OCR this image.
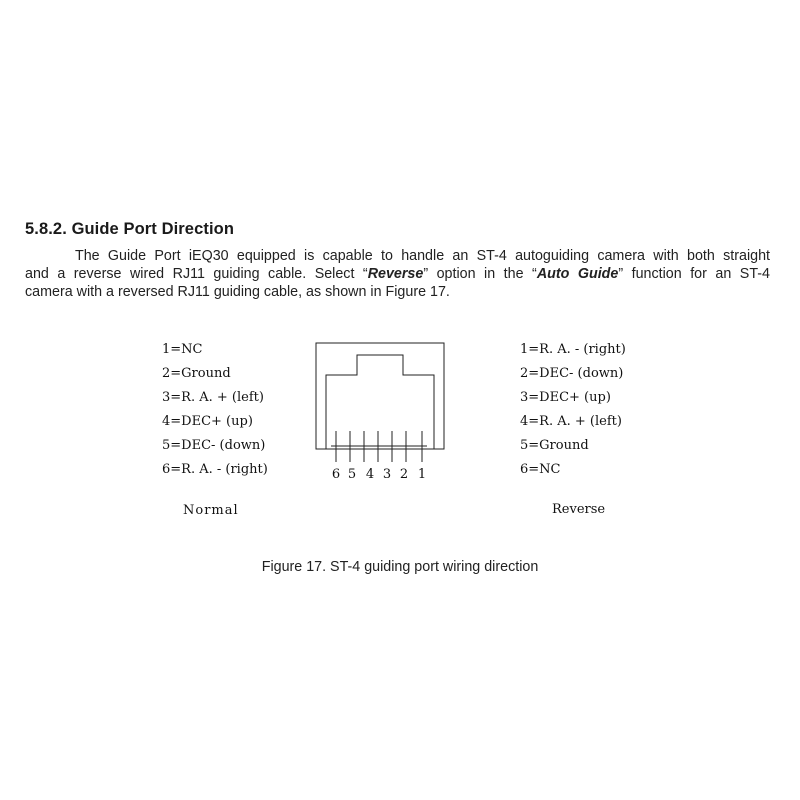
5.8.2. Guide Port Direction

The Guide Port iEQ30 equipped is capable to handle an ST-4 autoguiding camera with both straight
and a reverse wired RJ11 guiding cable. Select “Reverse” option in the “Auto Guide” function for an ST-4
camera with a reversed RJ11 guiding cable, as shown in Figure 17.

1=NC
2=Ground
3=R. A. + (left)
4=DEC+ (up)
5=DEC- (down)
6=R. A. - (right)
Normal
6 5 4 3 2 1
1=R. A. - (right)
2=DEC- (down)
3=DEC+ (up)
4=R. A. + (left)
5=Ground
6=NC
Reverse

Figure 17. ST-4 guiding port wiring direction
